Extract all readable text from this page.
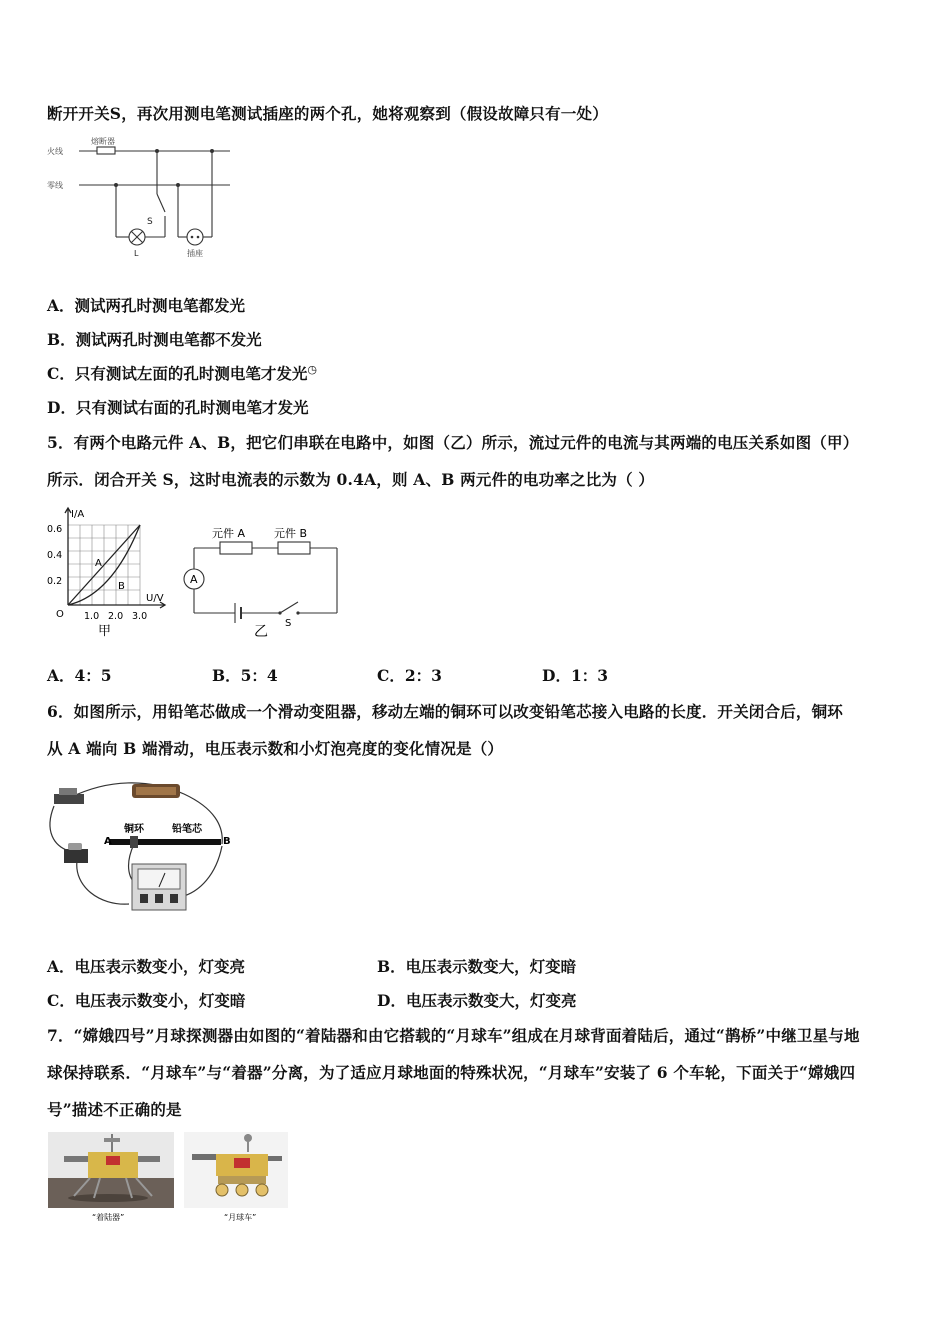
断开开关S，再次用测电笔测试插座的两个孔，她将观察到（假设故障只有一处）
火线
零线
熔断器
S
L	插座
A．测试两孔时测电笔都发光
B．测试两孔时测电笔都不发光
C．只有测试左面的孔时测电笔才发光◷
D．只有测试右面的孔时测电笔才发光
5．有两个电路元件 A、B，把它们串联在电路中，如图（乙）所示，流过元件的电流与其两端的电压关系如图（甲）
所示．闭合开关 S，这时电流表的示数为 0.4A，则 A、B 两元件的电功率之比为（ ）
I/A
U/V
O
0.6
0.4
0.2
1.0 2.0 3.0
A
B
甲
元件 A	元件 B
A
S
乙
A．4：5	B．5：4	C．2：3	D．1：3
6．如图所示，用铅笔芯做成一个滑动变阻器，移动左端的铜环可以改变铅笔芯接入电路的长度．开关闭合后，铜环
从 A 端向 B 端滑动，电压表示数和小灯泡亮度的变化情况是（）
铜环	铅笔芯
A	B
A．电压表示数变小，灯变亮	B．电压表示数变大，灯变暗
C．电压表示数变小，灯变暗	D．电压表示数变大，灯变亮
7．“嫦娥四号”月球探测器由如图的“着陆器和由它搭载的“月球车”组成在月球背面着陆后，通过“鹊桥”中继卫星与地
球保持联系．“月球车”与“着器”分离，为了适应月球地面的特殊状况，“月球车”安装了 6 个车轮，下面关于“嫦娥四
号”描述不正确的是
“着陆器”	“月球车”
